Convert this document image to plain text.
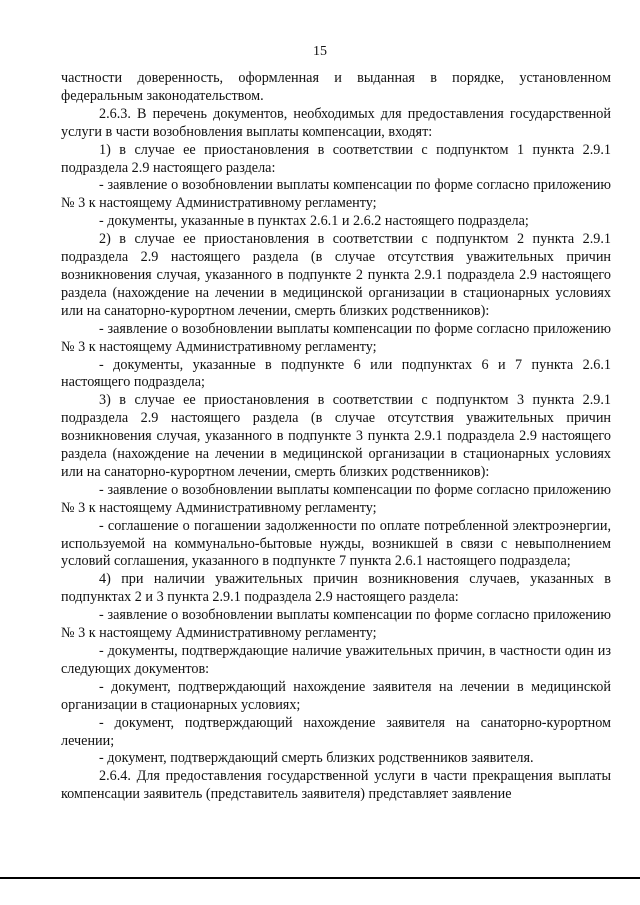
15

частности доверенность, оформленная и выданная в порядке, установленном федеральным законодательством.

2.6.3. В перечень документов, необходимых для предоставления государственной услуги в части возобновления выплаты компенсации, входят:

1) в случае ее приостановления в соответствии с подпунктом 1 пункта 2.9.1 подраздела 2.9 настоящего раздела:

- заявление о возобновлении выплаты компенсации по форме согласно приложению № 3 к настоящему Административному регламенту;

- документы, указанные в пунктах 2.6.1 и 2.6.2 настоящего подраздела;

2) в случае ее приостановления в соответствии с подпунктом 2 пункта 2.9.1 подраздела 2.9 настоящего раздела (в случае отсутствия уважительных причин возникновения случая, указанного в подпункте 2 пункта 2.9.1 подраздела 2.9 настоящего раздела (нахождение на лечении в медицинской организации в стационарных условиях или на санаторно-курортном лечении, смерть близких родственников):

- заявление о возобновлении выплаты компенсации по форме согласно приложению № 3 к настоящему Административному регламенту;

- документы, указанные в подпункте 6 или подпунктах 6 и 7 пункта 2.6.1 настоящего подраздела;

3) в случае ее приостановления в соответствии с подпунктом 3 пункта 2.9.1 подраздела 2.9 настоящего раздела (в случае отсутствия уважительных причин возникновения случая, указанного в подпункте 3 пункта 2.9.1 подраздела 2.9 настоящего раздела (нахождение на лечении в медицинской организации в стационарных условиях или на санаторно-курортном лечении, смерть близких родственников):

- заявление о возобновлении выплаты компенсации по форме согласно приложению № 3 к настоящему Административному регламенту;

- соглашение о погашении задолженности по оплате потребленной электроэнергии, используемой на коммунально-бытовые нужды, возникшей в связи с невыполнением условий соглашения, указанного в подпункте 7 пункта 2.6.1 настоящего подраздела;

4) при наличии уважительных причин возникновения случаев, указанных в подпунктах 2 и 3 пункта 2.9.1 подраздела 2.9 настоящего раздела:

- заявление о возобновлении выплаты компенсации по форме согласно приложению № 3 к настоящему Административному регламенту;

- документы, подтверждающие наличие уважительных причин, в частности один из следующих документов:

- документ, подтверждающий нахождение заявителя на лечении в медицинской организации в стационарных условиях;

- документ, подтверждающий нахождение заявителя на санаторно-курортном лечении;

- документ, подтверждающий смерть близких родственников заявителя.

2.6.4. Для предоставления государственной услуги в части прекращения выплаты компенсации заявитель (представитель заявителя) представляет заявление
